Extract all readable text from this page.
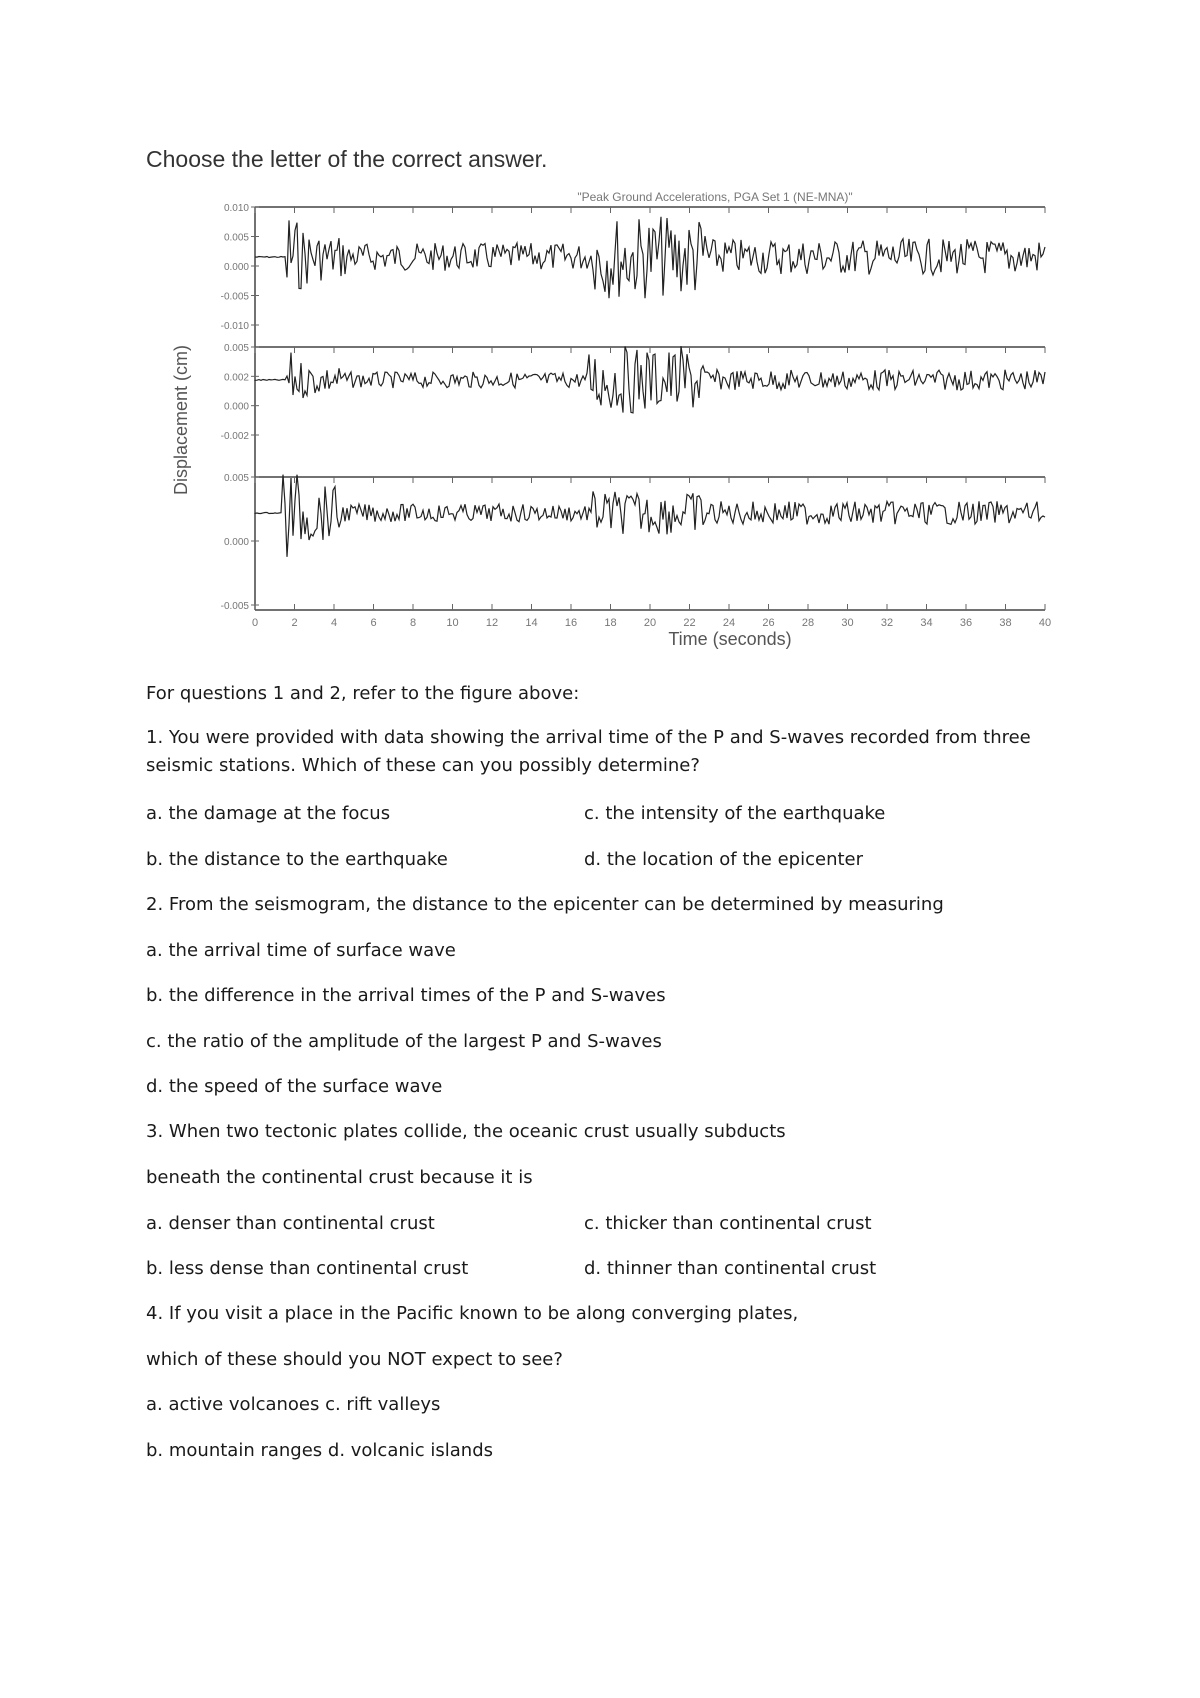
Choose the letter of the correct answer.
"Peak Ground Accelerations, PGA Set 1 (NE-MNA)"
0.010
0.005
0.000
-0.005
-0.010
0.005
0.002
0.000
-0.002
0.005
0.000
-0.005
0	2	4	6	8	10 12 14 16 18 20 22 24 26 28 30 32 34 36 38 40
Displacement (cm)
Time (seconds)

For questions 1 and 2, refer to the figure above:

1. You were provided with data showing the arrival time of the P and S-waves recorded from three seismic stations. Which of these can you possibly determine?

a. the damage at the focus	c. the intensity of the earthquake

b. the distance to the earthquake	d. the location of the epicenter

2. From the seismogram, the distance to the epicenter can be determined by measuring

a. the arrival time of surface wave

b. the difference in the arrival times of the P and S-waves

c. the ratio of the amplitude of the largest P and S-waves

d. the speed of the surface wave

3. When two tectonic plates collide, the oceanic crust usually subducts

beneath the continental crust because it is

a. denser than continental crust	c. thicker than continental crust

b. less dense than continental crust	d. thinner than continental crust

4. If you visit a place in the Pacific known to be along converging plates,

which of these should you NOT expect to see?

a. active volcanoes c. rift valleys

b. mountain ranges d. volcanic islands
